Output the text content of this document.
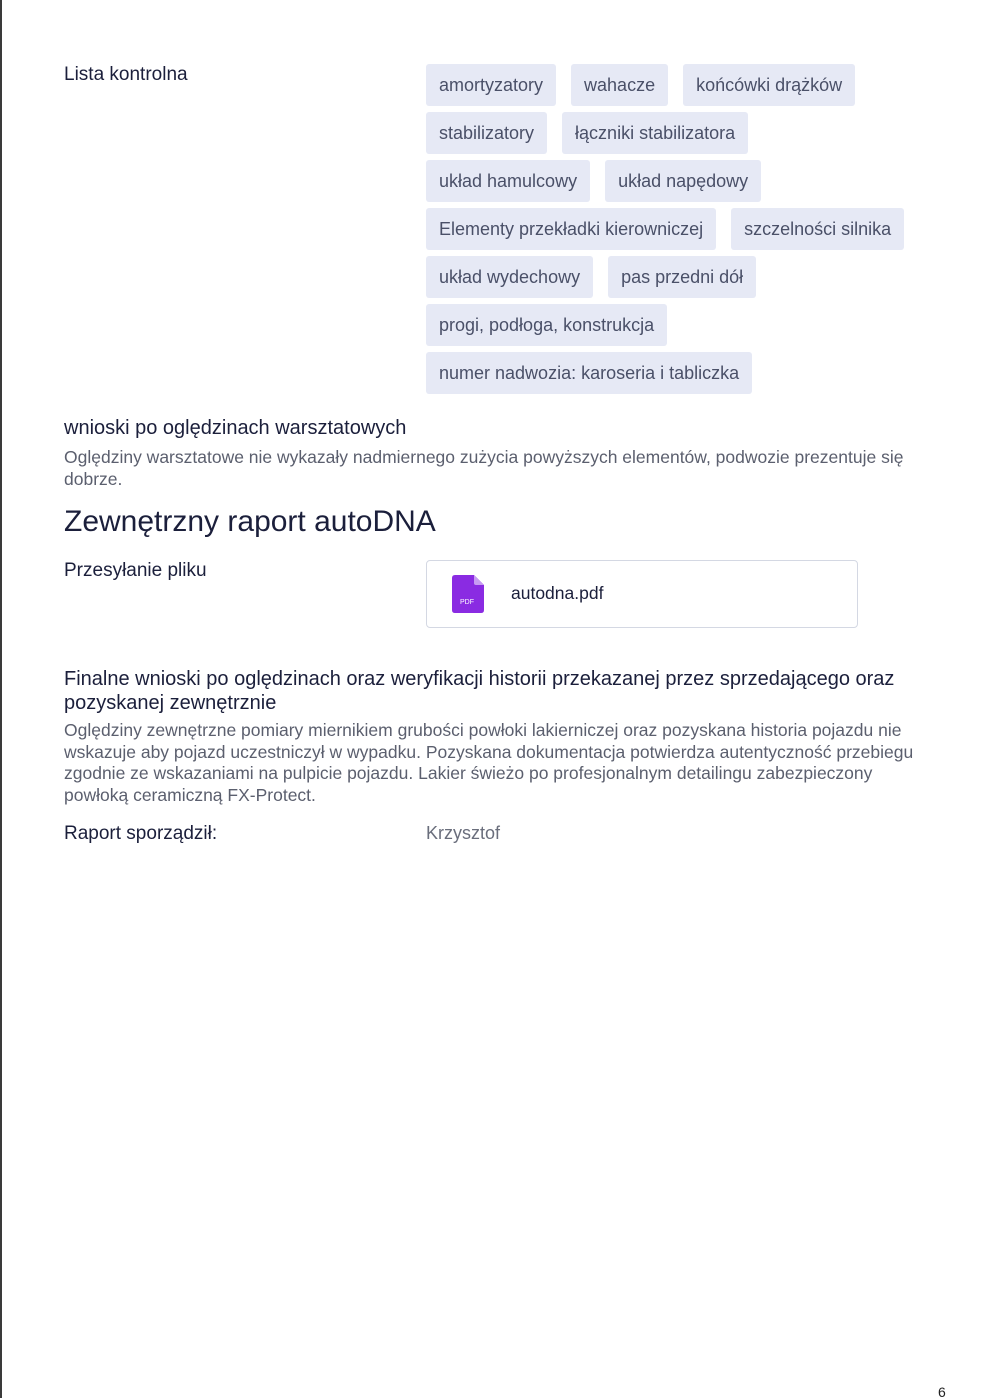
Lista kontrolna	amortyzatory	wahacze	końcówki drążków
stabilizatory	łączniki stabilizatora
układ hamulcowy	układ napędowy
Elementy przekładki kierowniczej	szczelności silnika
układ wydechowy	pas przedni dół
progi, podłoga, konstrukcja
numer nadwozia: karoseria i tabliczka
wnioski po oględzinach warsztatowych
Oględziny warsztatowe nie wykazały nadmiernego zużycia powyższych elementów, podwozie prezentuje się dobrze.
Zewnętrzny raport autoDNA
Przesyłanie pliku
PDF autodna.pdf
Finalne wnioski po oględzinach oraz weryfikacji historii przekazanej przez sprzedającego oraz pozyskanej zewnętrznie
Oględziny zewnętrzne pomiary miernikiem grubości powłoki lakierniczej oraz pozyskana historia pojazdu nie wskazuje aby pojazd uczestniczył w wypadku. Pozyskana dokumentacja potwierdza autentyczność przebiegu zgodnie ze wskazaniami na pulpicie pojazdu. Lakier świeżo po profesjonalnym detailingu zabezpieczony powłoką ceramiczną FX-Protect.
Raport sporządził:	Krzysztof
6
